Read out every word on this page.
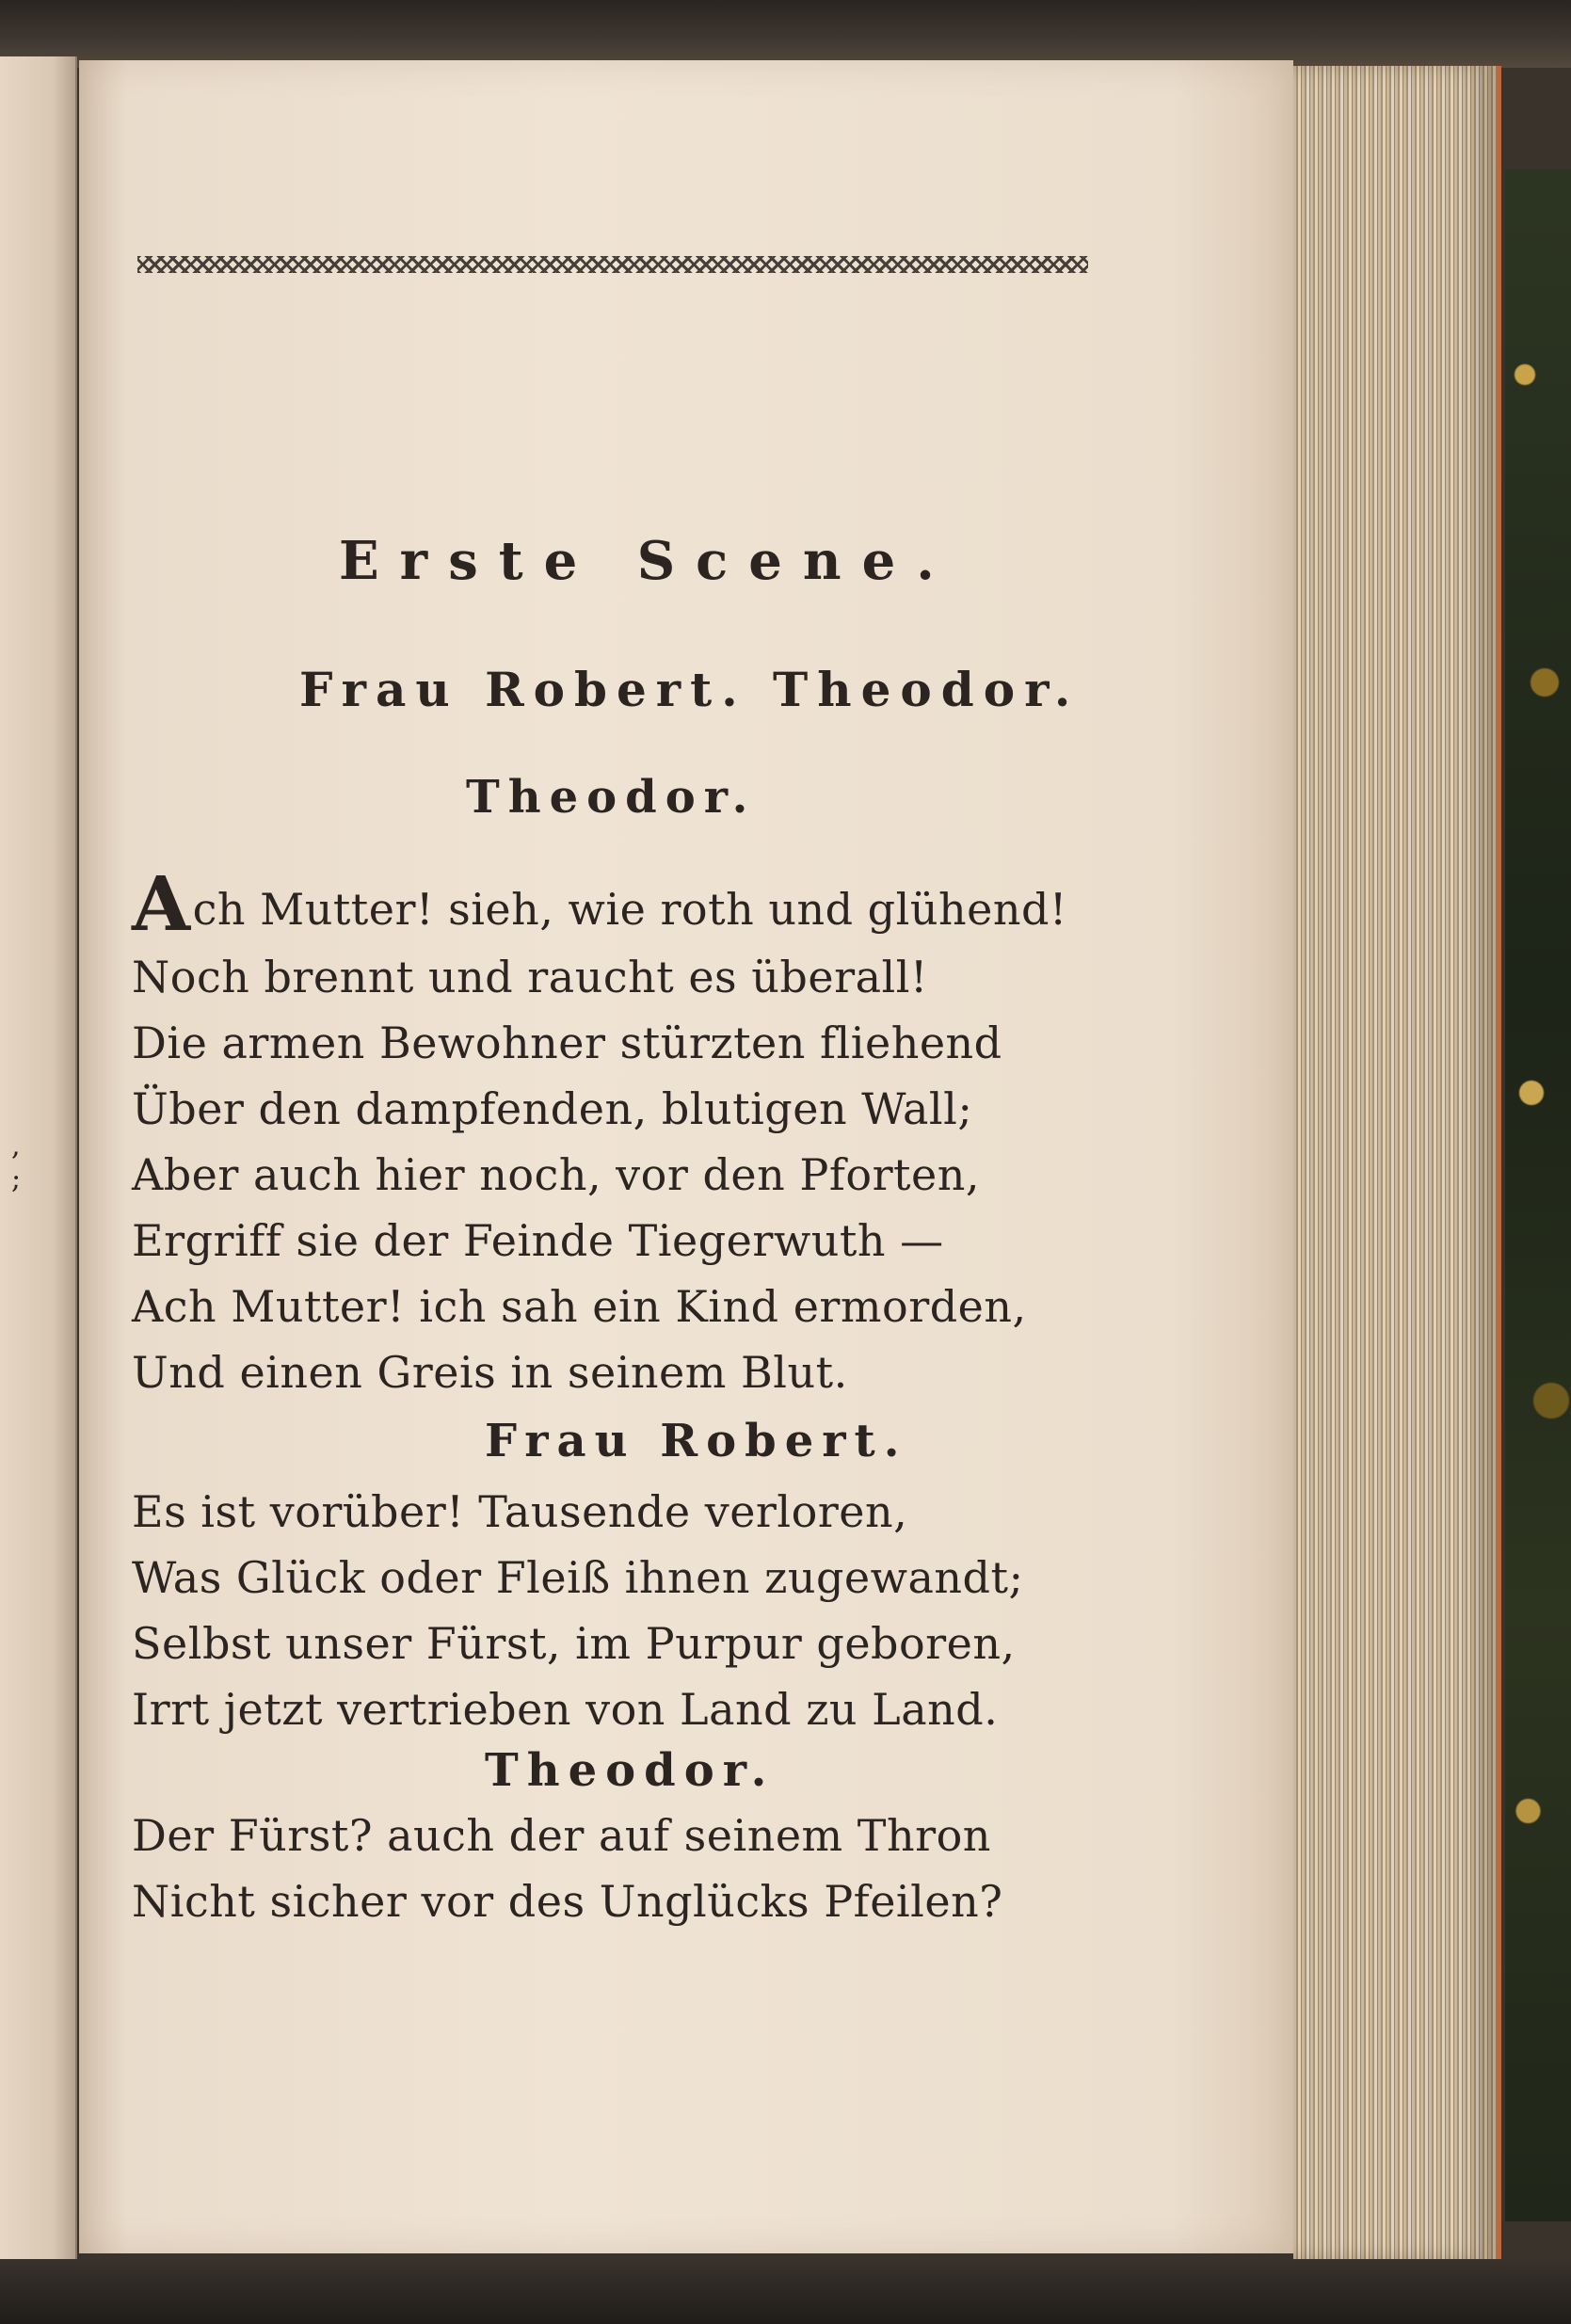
,
;
Erste Scene.
Frau Robert. Theodor.
Theodor.
Ach Mutter! sieh, wie roth und glühend!
Noch brennt und raucht es überall!
Die armen Bewohner stürzten fliehend
Über den dampfenden, blutigen Wall;
Aber auch hier noch, vor den Pforten,
Ergriff sie der Feinde Tiegerwuth —
Ach Mutter! ich sah ein Kind ermorden,
Und einen Greis in seinem Blut.
Frau Robert.
Es ist vorüber! Tausende verloren,
Was Glück oder Fleiß ihnen zugewandt;
Selbst unser Fürst, im Purpur geboren,
Irrt jetzt vertrieben von Land zu Land.
Theodor.
Der Fürst? auch der auf seinem Thron
Nicht sicher vor des Unglücks Pfeilen?
